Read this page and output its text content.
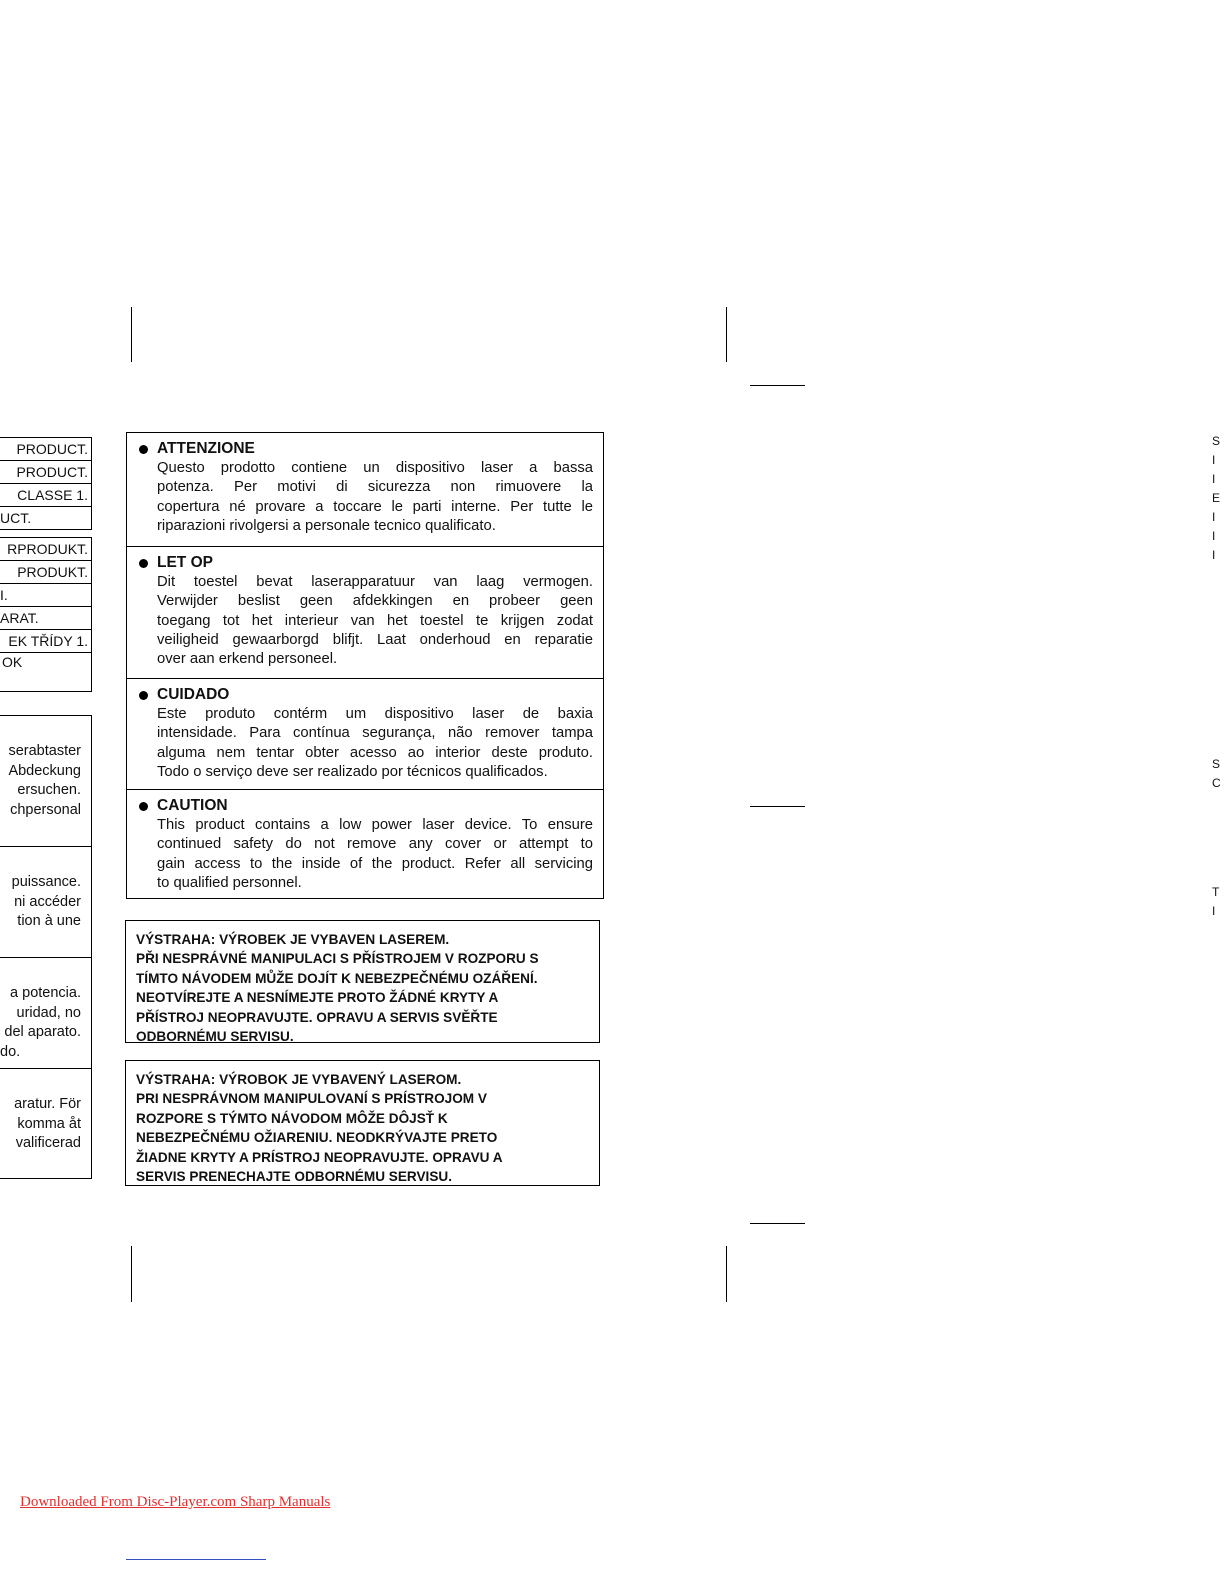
PRODUCT.
PRODUCT.
CLASSE 1.
UCT.
RPRODUKT.
PRODUKT.
I.
ARAT.
EK TŘÍDY 1.
OK
serabtaster
Abdeckung
ersuchen.
chpersonal
puissance.
ni accéder
tion à une
a potencia.
uridad, no
del aparato.
do.
aratur. För
komma åt
valificerad
ATTENZIONE
Questo prodotto contiene un dispositivo laser a bassa
potenza. Per motivi di sicurezza non rimuovere la
copertura né provare a toccare le parti interne. Per tutte le
riparazioni rivolgersi a personale tecnico qualificato.
LET OP
Dit toestel bevat laserapparatuur van laag vermogen.
Verwijder beslist geen afdekkingen en probeer geen
toegang tot het interieur van het toestel te krijgen zodat
veiligheid gewaarborgd blifjt. Laat onderhoud en reparatie
over aan erkend personeel.
CUIDADO
Este produto contérm um dispositivo laser de baxia
intensidade. Para contínua segurança, não remover tampa
alguma nem tentar obter acesso ao interior deste produto.
Todo o serviço deve ser realizado por técnicos qualificados.
CAUTION
This product contains a low power laser device. To ensure
continued safety do not remove any cover or attempt to
gain access to the inside of the product. Refer all servicing
to qualified personnel.
VÝSTRAHA: VÝROBEK JE VYBAVEN LASEREM.
PŘI NESPRÁVNÉ MANIPULACI S PŘÍSTROJEM V ROZPORU S
TÍMTO NÁVODEM MŮŽE DOJÍT K NEBEZPEČNÉMU OZÁŘENÍ.
NEOTVÍREJTE A NESNÍMEJTE PROTO ŽÁDNÉ KRYTY A
PŘÍSTROJ NEOPRAVUJTE. OPRAVU A SERVIS SVĚŘTE
ODBORNÉMU SERVISU.
VÝSTRAHA: VÝROBOK JE VYBAVENÝ LASEROM.
PRI NESPRÁVNOM MANIPULOVANÍ S PRÍSTROJOM V
ROZPORE S TÝMTO NÁVODOM MÔŽE DÔJSŤ K
NEBEZPEČNÉMU OŽIARENIU. NEODKRÝVAJTE PRETO
ŽIADNE KRYTY A PRÍSTROJ NEOPRAVUJTE. OPRAVU A
SERVIS PRENECHAJTE ODBORNÉMU SERVISU.
S
I
I
E
I
I
I
S
C
T
I
Downloaded From Disc-Player.com Sharp Manuals
